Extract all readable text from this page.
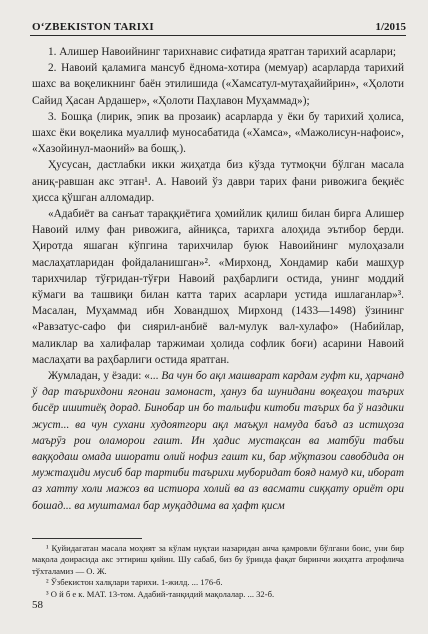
O‘ZBEKISTON TARIXI	1/2015

1. Алишер Навоийнинг тарихнавис сифатида яратган тарихий асарлари;

2. Навоий қаламига мансуб ёдномa-хотира (мемуар) асарларда тарихий шахс ва воқеликнинг баён этилишида («Хамсатул-мутаҳайийрин», «Ҳолоти Сайид Ҳасан Ардашер», «Ҳолоти Паҳлавон Муҳаммад»);

3. Бошқа (лирик, эпик ва прозаик) асарларда у ёки бу тарихий ҳолиса, шахс ёки воқелика муаллиф муносабатида («Хамса», «Мажолисун-нафоис», «Хазойинул-маоний» ва бошқ.).

Ҳусусан, дастлабки икки жиҳатда биз кўзда тутмоқчи бўлган масала аниқ-равшан акс этган¹. А. Навоий ўз даври тарих фани ривожига беқиёс ҳисса қўшган алломадир.

«Адабиёт ва санъат тараққиётига ҳомийлик қилиш билан бирга Алишер Навоий илму фан ривожига, айниқса, тарихга алоҳида эътибор берди. Ҳиротда яшаган кўпгина тарихчилар буюк Навоийнинг мулоҳазали маслаҳатларидан фойдаланишган»². «Мирхонд, Хондамир каби машҳур тарихчилар тўғридан-тўғри Навоий раҳбарлиги остида, унинг моддий кўмаги ва ташвиқи билан катта тарих асарлари устида ишлаганлар»³. Масалан, Муҳаммад ибн Ховандшоҳ Мирхонд (1433—1498) ўзининг «Равзатус-сафо фи сиярил-анбиё вал-мулук вал-хулафо» (Набийлар, маликлар ва халифалар таржимаи ҳолида софлик боғи) асарини Навоий маслаҳати ва раҳбарлиги остида яратган.

Жумладан, у ёзади: «... Ва чун бо ақл машварат кардам гуфт ки, ҳарчанд ў дар таърихдони ягонаи замонаст, ҳануз ба шунидани воқеаҳои таърих бисёр ишитиёқ дорад. Бинобар ин бо тальифи китоби таърих ба ў наздики жуст... ва чун сухани худоятгори ақл маъқул намуда баъд аз истиҳоза маърӯз рои оламорои гашт. Ин ҳадис мустақсан ва матбӯи табъи ваққодаш омада ишорати олий нофиз гашт ки, бар мўқтазои савобдида он мужтаҳиди мусиб бар тартиби таърихи муборидат бояд намуд ки, иборат аз хатту холи мажоз ва истиора холий ва аз васмати сиққату ориёт ори бошад... ва муштамал бар муқаддима ва ҳафт қисм

¹ Қуйидагатан масала моҳият за кўлам нуқтаи назаридан анча қамровли бўлгани боис, уни бир мақола доирасида акс эттириш қийин. Шу сабаб, биз бу ўринда фақат биринчи жиҳатга атрофлича тўхталамиз — О. Ж.

² Ўзбекистон халқлари тарихи. 1-жилд. ... 176-б.

³ О й б е к. МАТ. 13-том. Адабий-танқидий мақолалар. ... 32-б.

58
